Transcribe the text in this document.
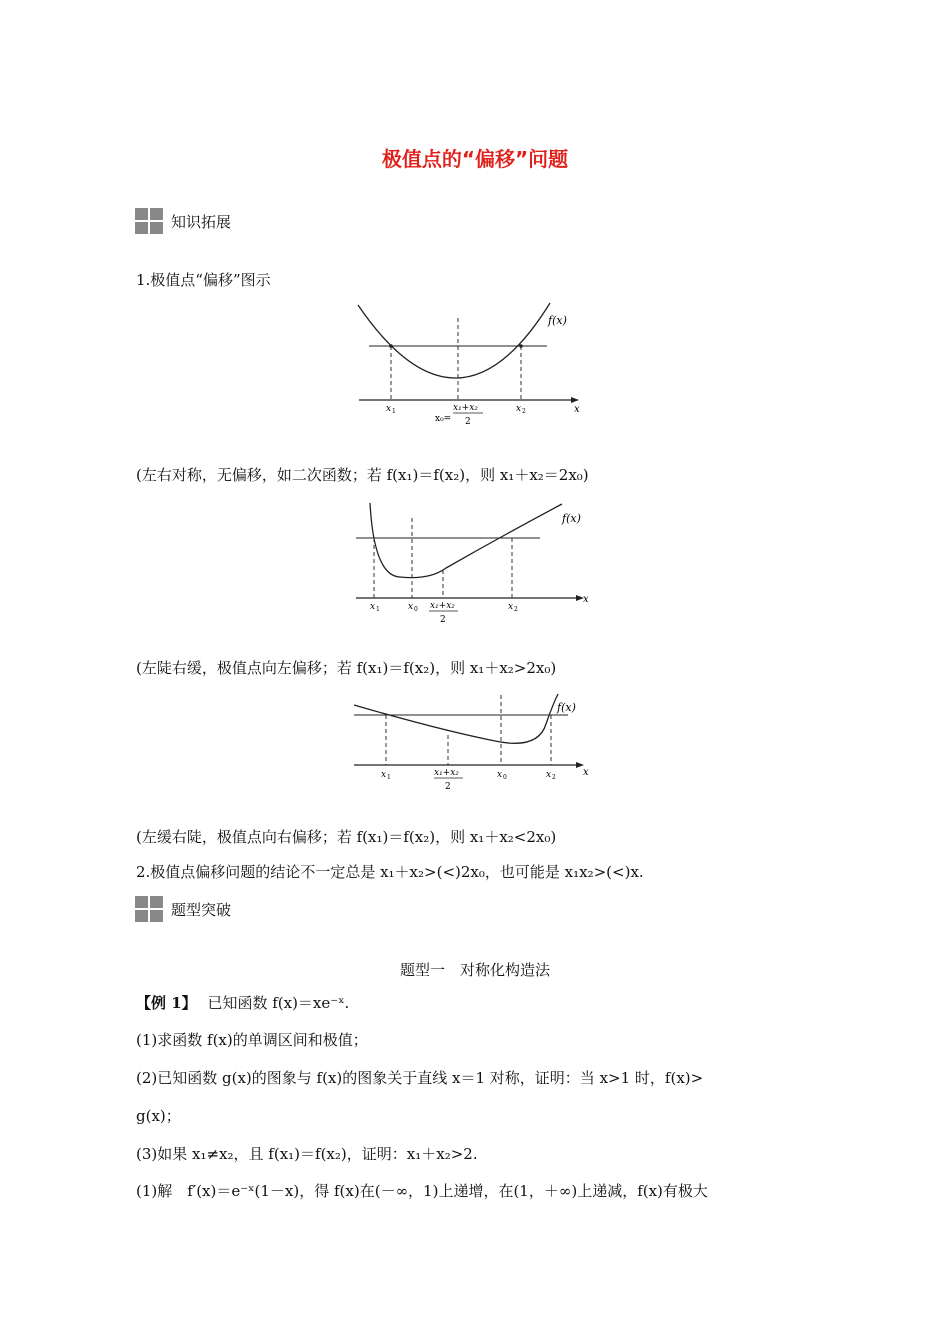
极值点的“偏移”问题
知识拓展
1.极值点“偏移”图示
f(x)
x
x 1	x 2
x₀=
x₁+x₂
2
(左右对称，无偏移，如二次函数；若 f(x₁)＝f(x₂)，则 x₁＋x₂＝2x₀)
f(x)
x
x 1	x 0 x₁+x₂
2
x 2
(左陡右缓，极值点向左偏移；若 f(x₁)＝f(x₂)，则 x₁＋x₂>2x₀)
f(x)
x
x 1	x₁+x₂
2
x 0	x 2
(左缓右陡，极值点向右偏移；若 f(x₁)＝f(x₂)，则 x₁＋x₂<2x₀)
2.极值点偏移问题的结论不一定总是 x₁＋x₂>(<)2x₀，也可能是 x₁x₂>(<)x.
题型突破
题型一　对称化构造法
【例 1】 已知函数 f(x)＝xe⁻ˣ.
(1)求函数 f(x)的单调区间和极值；
(2)已知函数 g(x)的图象与 f(x)的图象关于直线 x＝1 对称，证明：当 x>1 时，f(x)>
g(x)；
(3)如果 x₁≠x₂，且 f(x₁)＝f(x₂)，证明：x₁＋x₂>2.
(1)解　f′(x)＝e⁻ˣ(1－x)，得 f(x)在(－∞，1)上递增，在(1，＋∞)上递减，f(x)有极大
